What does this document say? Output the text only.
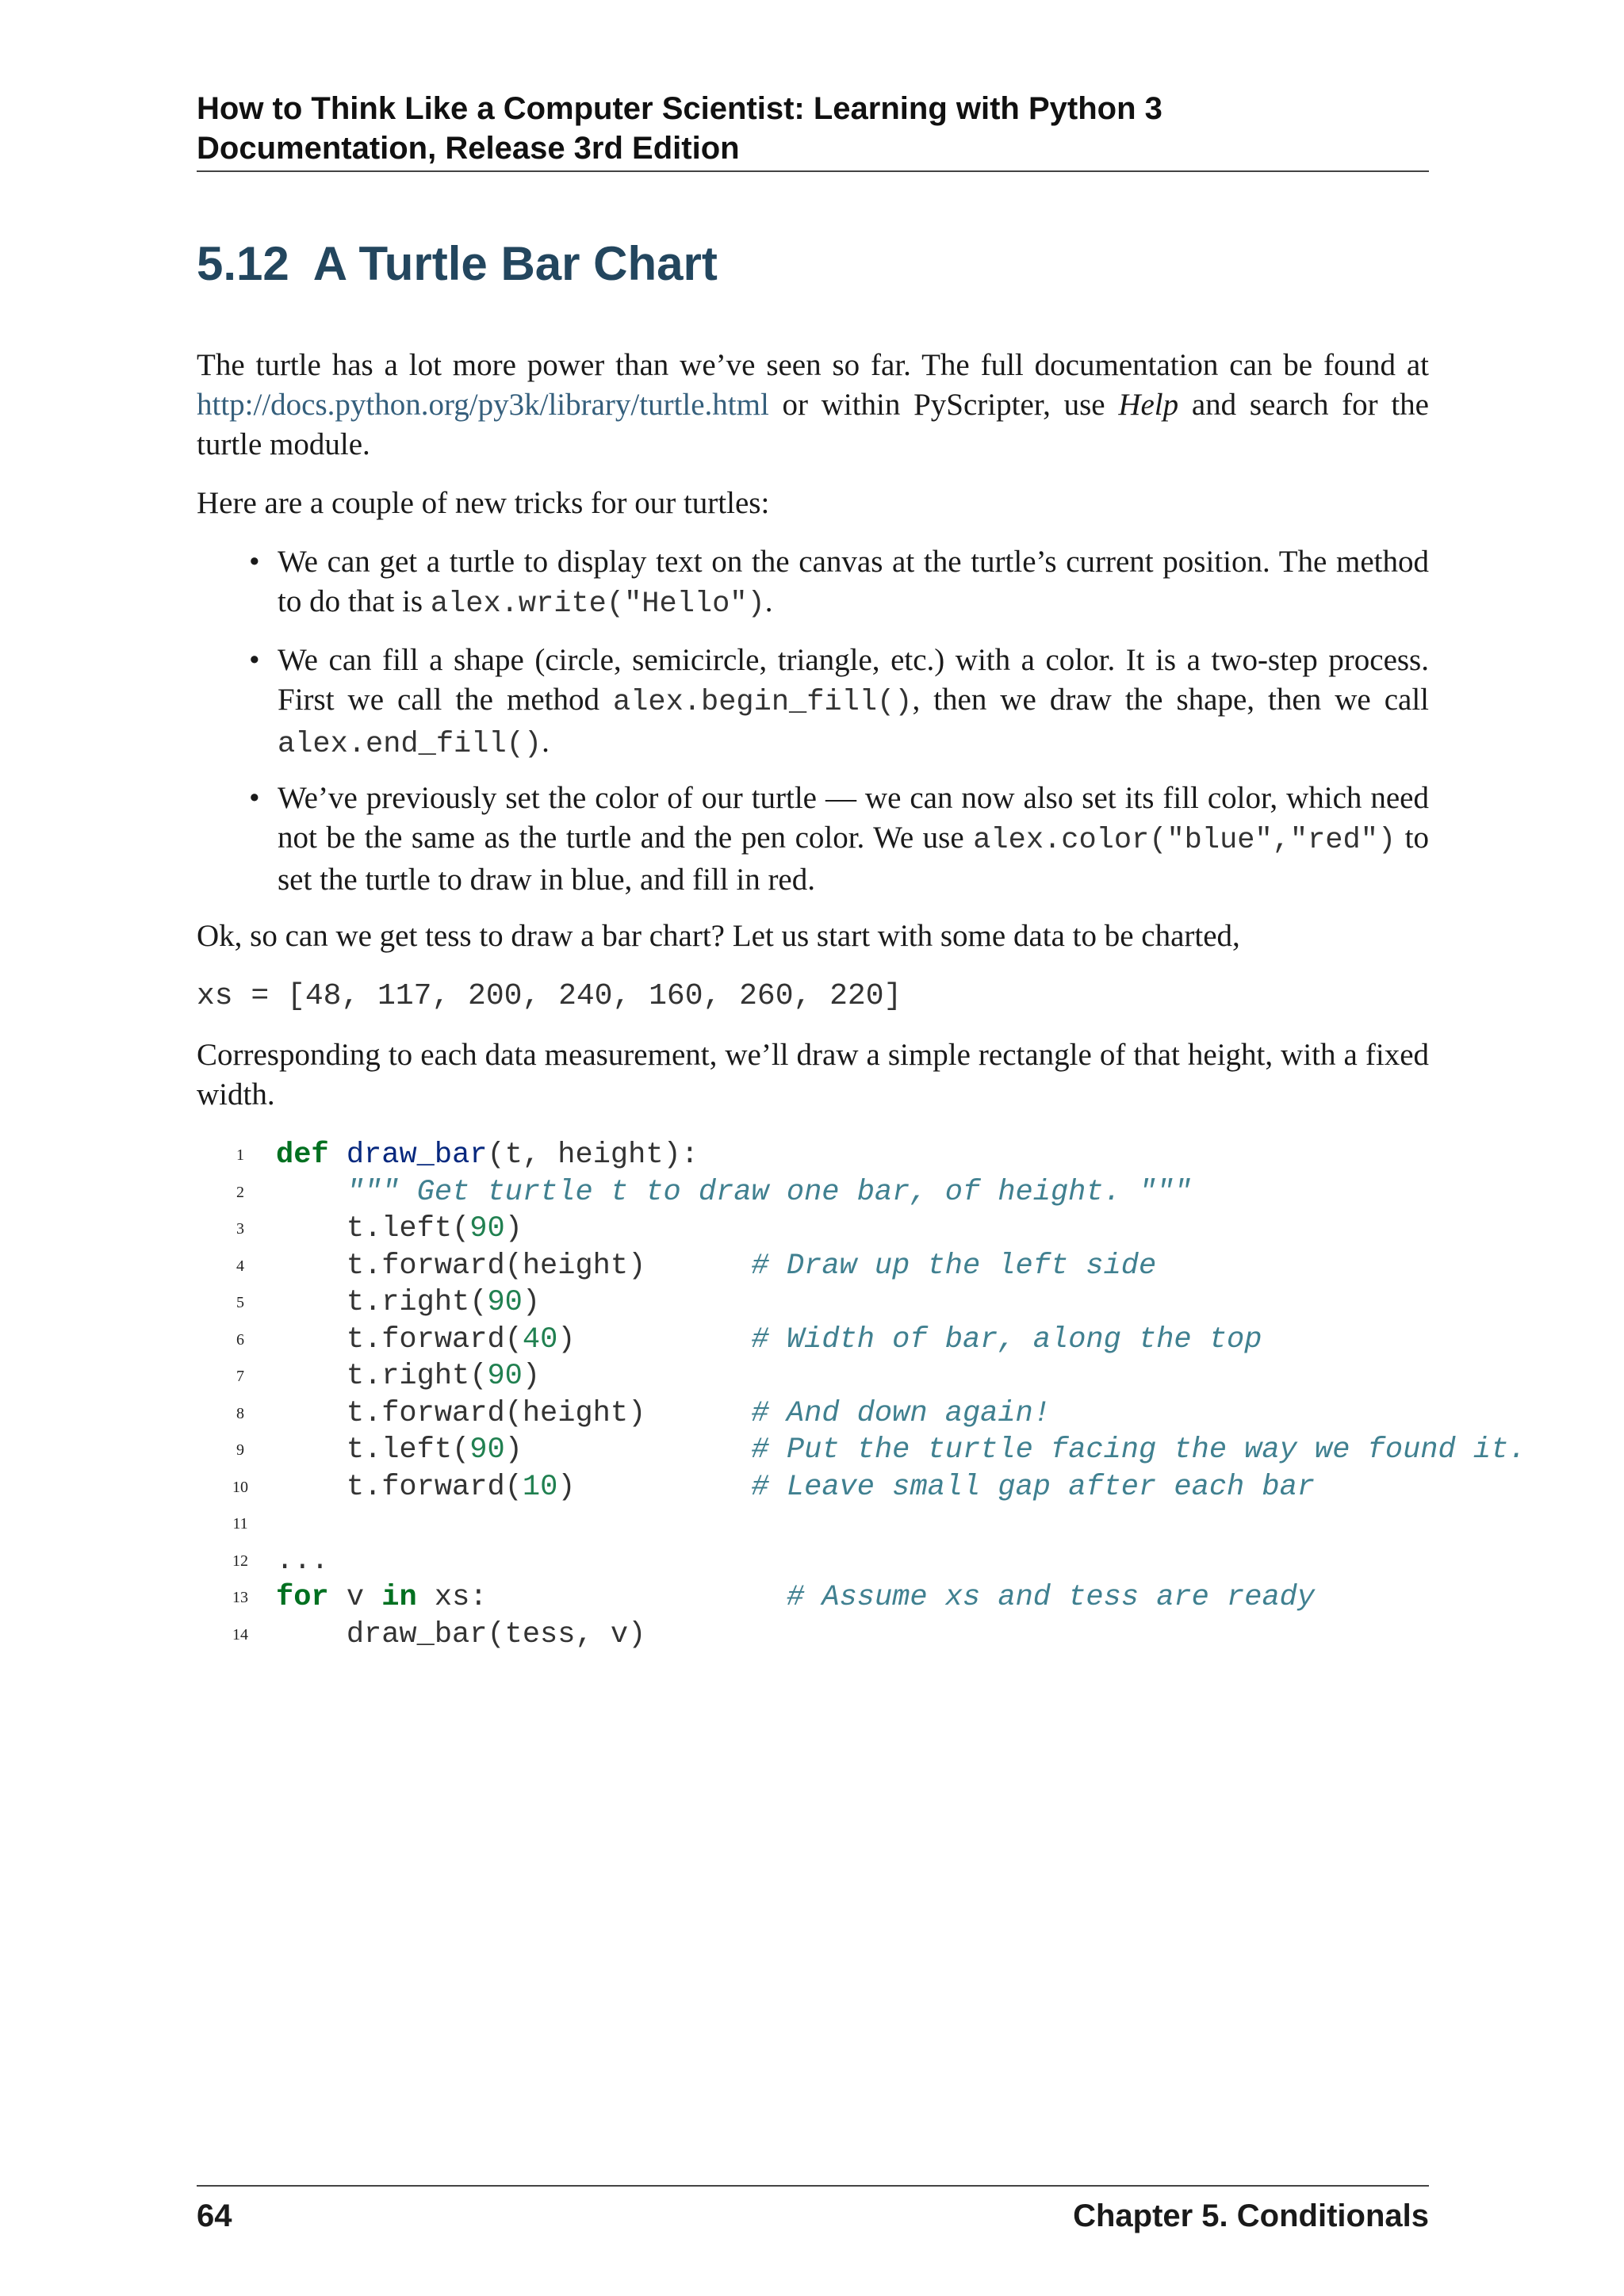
How to Think Like a Computer Scientist: Learning with Python 3
Documentation, Release 3rd Edition
5.12 A Turtle Bar Chart
The turtle has a lot more power than we’ve seen so far. The full documentation can be found at http://docs.python.org/py3k/library/turtle.html or within PyScripter, use Help and search for the turtle module.
Here are a couple of new tricks for our turtles:
• We can get a turtle to display text on the canvas at the turtle’s current position. The method to do that is alex.write("Hello").
• We can fill a shape (circle, semicircle, triangle, etc.) with a color. It is a two-step process. First we call the method alex.begin_fill(), then we draw the shape, then we call alex.end_fill().
• We’ve previously set the color of our turtle — we can now also set its fill color, which need not be the same as the turtle and the pen color. We use alex.color("blue","red") to set the turtle to draw in blue, and fill in red.
Ok, so can we get tess to draw a bar chart? Let us start with some data to be charted,
xs = [48, 117, 200, 240, 160, 260, 220]
Corresponding to each data measurement, we’ll draw a simple rectangle of that height, with a fixed width.
1 def draw_bar(t, height):
2 """ Get turtle t to draw one bar, of height. """
3 t.left(90)
4 t.forward(height)      # Draw up the left side
5 t.right(90)
6 t.forward(40)          # Width of bar, along the top
7 t.right(90)
8 t.forward(height)      # And down again!
9 t.left(90)             # Put the turtle facing the way we found it.
10 t.forward(10)          # Leave small gap after each bar
11
12 ...
13 for v in xs:                 # Assume xs and tess are ready
14 draw_bar(tess, v)
64	Chapter 5. Conditionals
